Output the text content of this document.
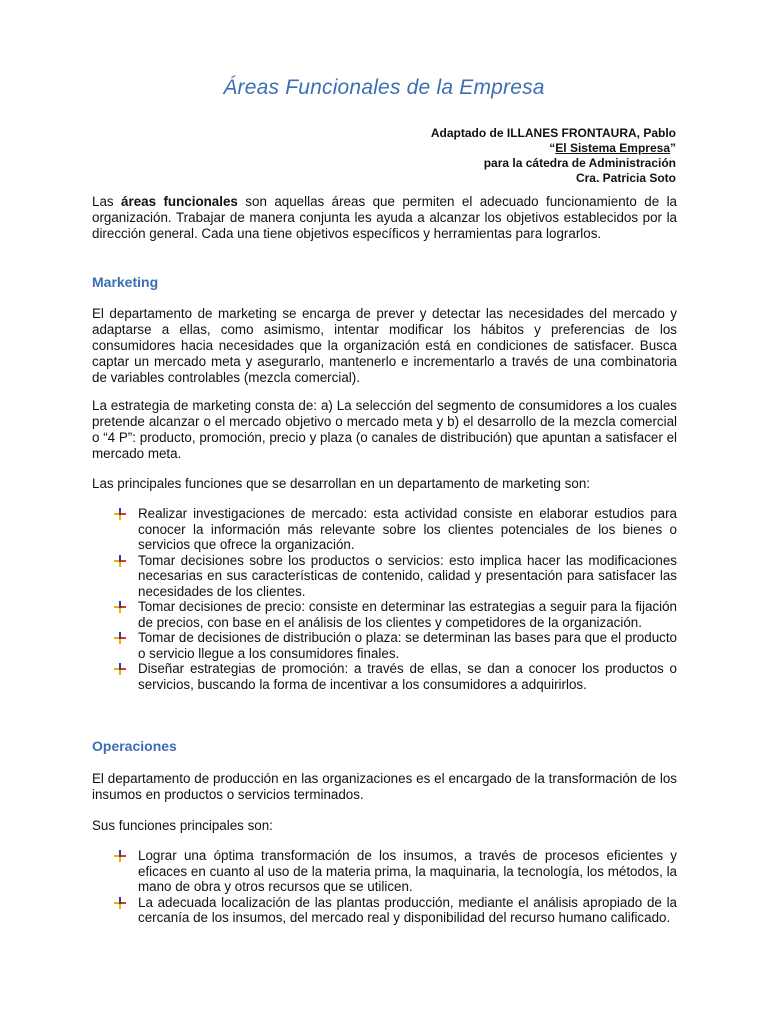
Áreas Funcionales de la Empresa
Adaptado de ILLANES FRONTAURA, Pablo
“El Sistema Empresa”
para la cátedra de Administración
Cra. Patricia Soto

Las áreas funcionales son aquellas áreas que permiten el adecuado funcionamiento de la organización. Trabajar de manera conjunta les ayuda a alcanzar los objetivos establecidos por la dirección general. Cada una tiene objetivos específicos y herramientas para lograrlos.

Marketing

El departamento de marketing se encarga de prever y detectar las necesidades del mercado y adaptarse a ellas, como asimismo, intentar modificar los hábitos y preferencias de los consumidores hacia necesidades que la organización está en condiciones de satisfacer. Busca captar un mercado meta y asegurarlo, mantenerlo e incrementarlo a través de una combinatoria de variables controlables (mezcla comercial).

La estrategia de marketing consta de: a) La selección del segmento de consumidores a los cuales pretende alcanzar o el mercado objetivo o mercado meta y b) el desarrollo de la mezcla comercial o “4 P”: producto, promoción, precio y plaza (o canales de distribución) que apuntan a satisfacer el mercado meta.

Las principales funciones que se desarrollan en un departamento de marketing son:

Realizar investigaciones de mercado: esta actividad consiste en elaborar estudios para conocer la información más relevante sobre los clientes potenciales de los bienes o servicios que ofrece la organización.
Tomar decisiones sobre los productos o servicios: esto implica hacer las modificaciones necesarias en sus características de contenido, calidad y presentación para satisfacer las necesidades de los clientes.
Tomar decisiones de precio: consiste en determinar las estrategias a seguir para la fijación de precios, con base en el análisis de los clientes y competidores de la organización.
Tomar de decisiones de distribución o plaza: se determinan las bases para que el producto o servicio llegue a los consumidores finales.
Diseñar estrategias de promoción: a través de ellas, se dan a conocer los productos o servicios, buscando la forma de incentivar a los consumidores a adquirirlos.
Operaciones

El departamento de producción en las organizaciones es el encargado de la transformación de los insumos en productos o servicios terminados.

Sus funciones principales son:

Lograr una óptima transformación de los insumos, a través de procesos eficientes y eficaces en cuanto al uso de la materia prima, la maquinaria, la tecnología, los métodos, la mano de obra y otros recursos que se utilicen.
La adecuada localización de las plantas producción, mediante el análisis apropiado de la cercanía de los insumos, del mercado real y disponibilidad del recurso humano calificado.
